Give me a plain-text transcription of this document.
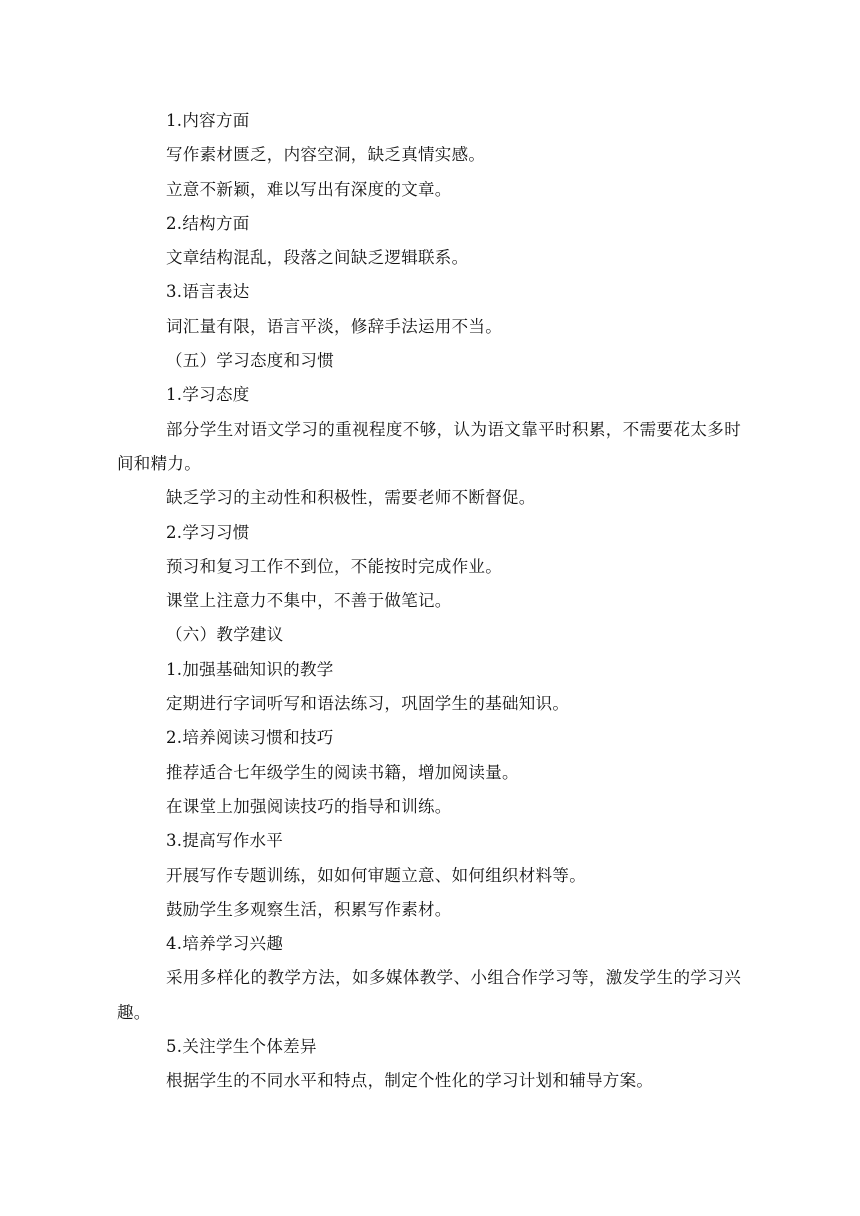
1.内容方面

写作素材匮乏，内容空洞，缺乏真情实感。

立意不新颖，难以写出有深度的文章。

2.结构方面

文章结构混乱，段落之间缺乏逻辑联系。

3.语言表达

词汇量有限，语言平淡，修辞手法运用不当。

（五）学习态度和习惯

1.学习态度

部分学生对语文学习的重视程度不够，认为语文靠平时积累，不需要花太多时间和精力。

缺乏学习的主动性和积极性，需要老师不断督促。

2.学习习惯

预习和复习工作不到位，不能按时完成作业。

课堂上注意力不集中，不善于做笔记。

（六）教学建议

1.加强基础知识的教学

定期进行字词听写和语法练习，巩固学生的基础知识。

2.培养阅读习惯和技巧

推荐适合七年级学生的阅读书籍，增加阅读量。

在课堂上加强阅读技巧的指导和训练。

3.提高写作水平

开展写作专题训练，如如何审题立意、如何组织材料等。

鼓励学生多观察生活，积累写作素材。

4.培养学习兴趣

采用多样化的教学方法，如多媒体教学、小组合作学习等，激发学生的学习兴趣。

5.关注学生个体差异

根据学生的不同水平和特点，制定个性化的学习计划和辅导方案。
